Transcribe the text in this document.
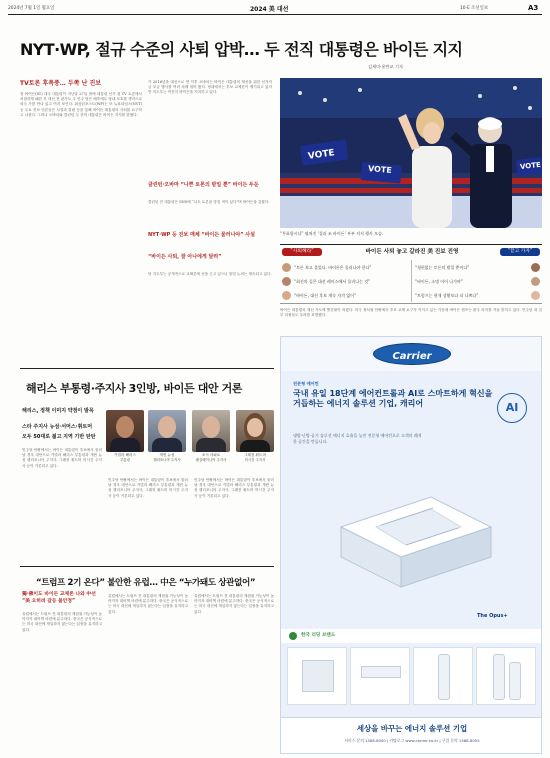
2024년 7월 1일 월요일	2024 美 대선	10·E 조선일보	A3
NYT·WP, 절규 수준의 사퇴 압박… 두 전직 대통령은 바이든 지지
김새미·윤만교 기자
TV토론 후폭풍… 두쪽 난 진보
첫 바이든(81) 대국 대통령이 지난달 27일 밤에 대통령 선거 첫 TV 토론에서 처참하게 패한 후 대선 전 판가도 주 민주 당은 배후에도 당내 모호를 생각으로 외국 가를 만나 있고 여지 보인다. 워싱턴포스트(WP)는 또 뉴욕타임스(NYT)등 주요 진보 언론들은 사설과 칼럼 등을 통해 바이든 대통령의 사퇴를 요구하고 나섰다. 그러나 오바마와 클린턴 두 전직 대통령은 바이든 지지를 밝혔다.
가 2016년을 대선으로 연 이후 오바마는 바이든 대통령의 재선을 위한 선거자금 모금 행사를 여러 차례 열어 왔다. 당내에서는 후보 교체론이 제기되고 있지만 지도부는 여전히 바이든을 지지하고 있다.
클린턴·오바마 “나쁜 토론의 밤일 뿐” 바이든 두둔
클린턴 전 대통령은 SNS에 “나도 토론을 망친 적이 있다”며 바이든을 감쌌다.
NYT·WP 등 진보 매체 “바이든 물러나야” 사설
“바이든 사퇴, 잘 아나에게 달려”
당 지도부는 공개적으로 교체론에 선을 긋고 있으나 물밑 논의는 계속되고 있다.
VOTE
VOTE	VOTE
“투표합시다” 펼쳐진 ‘질과 조 바이든’ 부부 지지 행사 모습.
“사퇴해라”	바이든 사퇴 놓고 갈라진 美 진보 진영	“끝고 가자”
“토론 보고 울었다. 바이든은 물러나야 한다”
“최선의 길은 대선 레이스에서 물러나는 것”
“바이든, 대선 후보 계속 자격 없어”
“형편없는 토론의 밤일 뿐이다”
“바이든, 소명 이어 나가야”
“트럼프는 현재 상황보다 더 나쁘다”
바이든 대통령의 재선 가도에 빨간불이 켜졌다. 미국 정치권 안팎에서 후보 교체 요구가 커지고 있는 가운데 바이든 캠프는 완주 의지를 거듭 밝히고 있다. 민주당 내 일부 의원들도 우려를 표명했다.
해리스 부통령·주지사 3인방, 바이든 대안 거론
해리스, 정책 이미지 약점이 발목
스타 주지사 뉴섬·서머스·휘트머
모두 50대로 젊고 지역 기반 탄탄
카멀라 해리스
부통령
개빈 뉴섬
캘리포니아 주지사
조시 샤피로
펜실베이니아 주지사
그레천 휘트머
미시간 주지사
민주당 안팎에서는 바이든 대통령이 후보에서 물러날 경우 대안으로 카멀라 해리스 부통령과 개빈 뉴섬 캘리포니아 주지사, 그레천 휘트머 미시간 주지사 등이 거론되고 있다.
민주당 안팎에서는 바이든 대통령이 후보에서 물러날 경우 대안으로 카멀라 해리스 부통령과 개빈 뉴섬 캘리포니아 주지사, 그레천 휘트머 미시간 주지사 등이 거론되고 있다.
민주당 안팎에서는 바이든 대통령이 후보에서 물러날 경우 대안으로 카멀라 해리스 부통령과 개빈 뉴섬 캘리포니아 주지사, 그레천 휘트머 미시간 주지사 등이 거론되고 있다.
“트럼프 2기 온다” 불안한 유럽… 中은 “누가돼도 상관없어”
獨·佛이도 바이든 교체론 나와 中선 “美 오히려 갈등 불안정”
유럽에서는 트럼프 전 대통령의 재집권 가능성이 높아지자 대비책 마련에 분주하다. 중국은 공식적으로는 미국 대선에 개입하지 않는다는 입장을 유지하고 있다.
유럽에서는 트럼프 전 대통령의 재집권 가능성이 높아지자 대비책 마련에 분주하다. 중국은 공식적으로는 미국 대선에 개입하지 않는다는 입장을 유지하고 있다.
유럽에서는 트럼프 전 대통령의 재집권 가능성이 높아지자 대비책 마련에 분주하다. 중국은 공식적으로는 미국 대선에 개입하지 않는다는 입장을 유지하고 있다.
Carrier
전문형 에어컨
국내 유일 18단계 에어컨트롤과 AI로 스마트하게 혁신을 거듭하는 에너지 솔루션 기업, 캐리어
냉방·난방·공기 솔루션 에너지 효율을 높인 전문형 에어컨으로 고객의 쾌적한 공간을 만듭니다.
AI
The Opus+
한국 리딩 브랜드
세상을 바꾸는 에너지 솔루션 기업
서비스 문의 1588-8000 | 카탈로그 www.carrier.co.kr | 구입 문의 1588-8055
